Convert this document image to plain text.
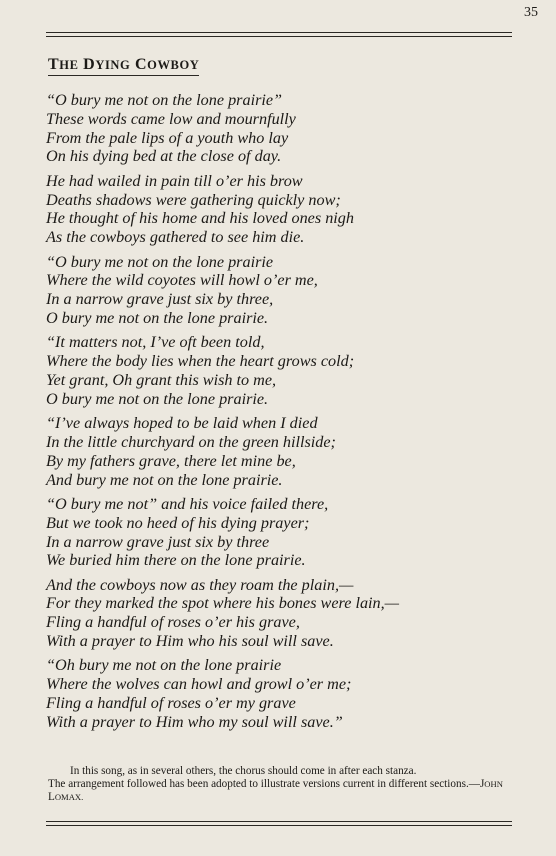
35
THE DYING COWBOY
“O bury me not on the lone prairie”
These words came low and mournfully
From the pale lips of a youth who lay
On his dying bed at the close of day.
He had wailed in pain till o’er his brow
Deaths shadows were gathering quickly now;
He thought of his home and his loved ones nigh
As the cowboys gathered to see him die.
“O bury me not on the lone prairie
Where the wild coyotes will howl o’er me,
In a narrow grave just six by three,
O bury me not on the lone prairie.
“It matters not, I’ve oft been told,
Where the body lies when the heart grows cold;
Yet grant, Oh grant this wish to me,
O bury me not on the lone prairie.
“I’ve always hoped to be laid when I died
In the little churchyard on the green hillside;
By my fathers grave, there let mine be,
And bury me not on the lone prairie.
“O bury me not” and his voice failed there,
But we took no heed of his dying prayer;
In a narrow grave just six by three
We buried him there on the lone prairie.
And the cowboys now as they roam the plain,—
For they marked the spot where his bones were lain,—
Fling a handful of roses o’er his grave,
With a prayer to Him who his soul will save.
“Oh bury me not on the lone prairie
Where the wolves can howl and growl o’er me;
Fling a handful of roses o’er my grave
With a prayer to Him who my soul will save.”
In this song, as in several others, the chorus should come in after each stanza.
The arrangement followed has been adopted to illustrate versions current in different sections.—JOHN LOMAX.
